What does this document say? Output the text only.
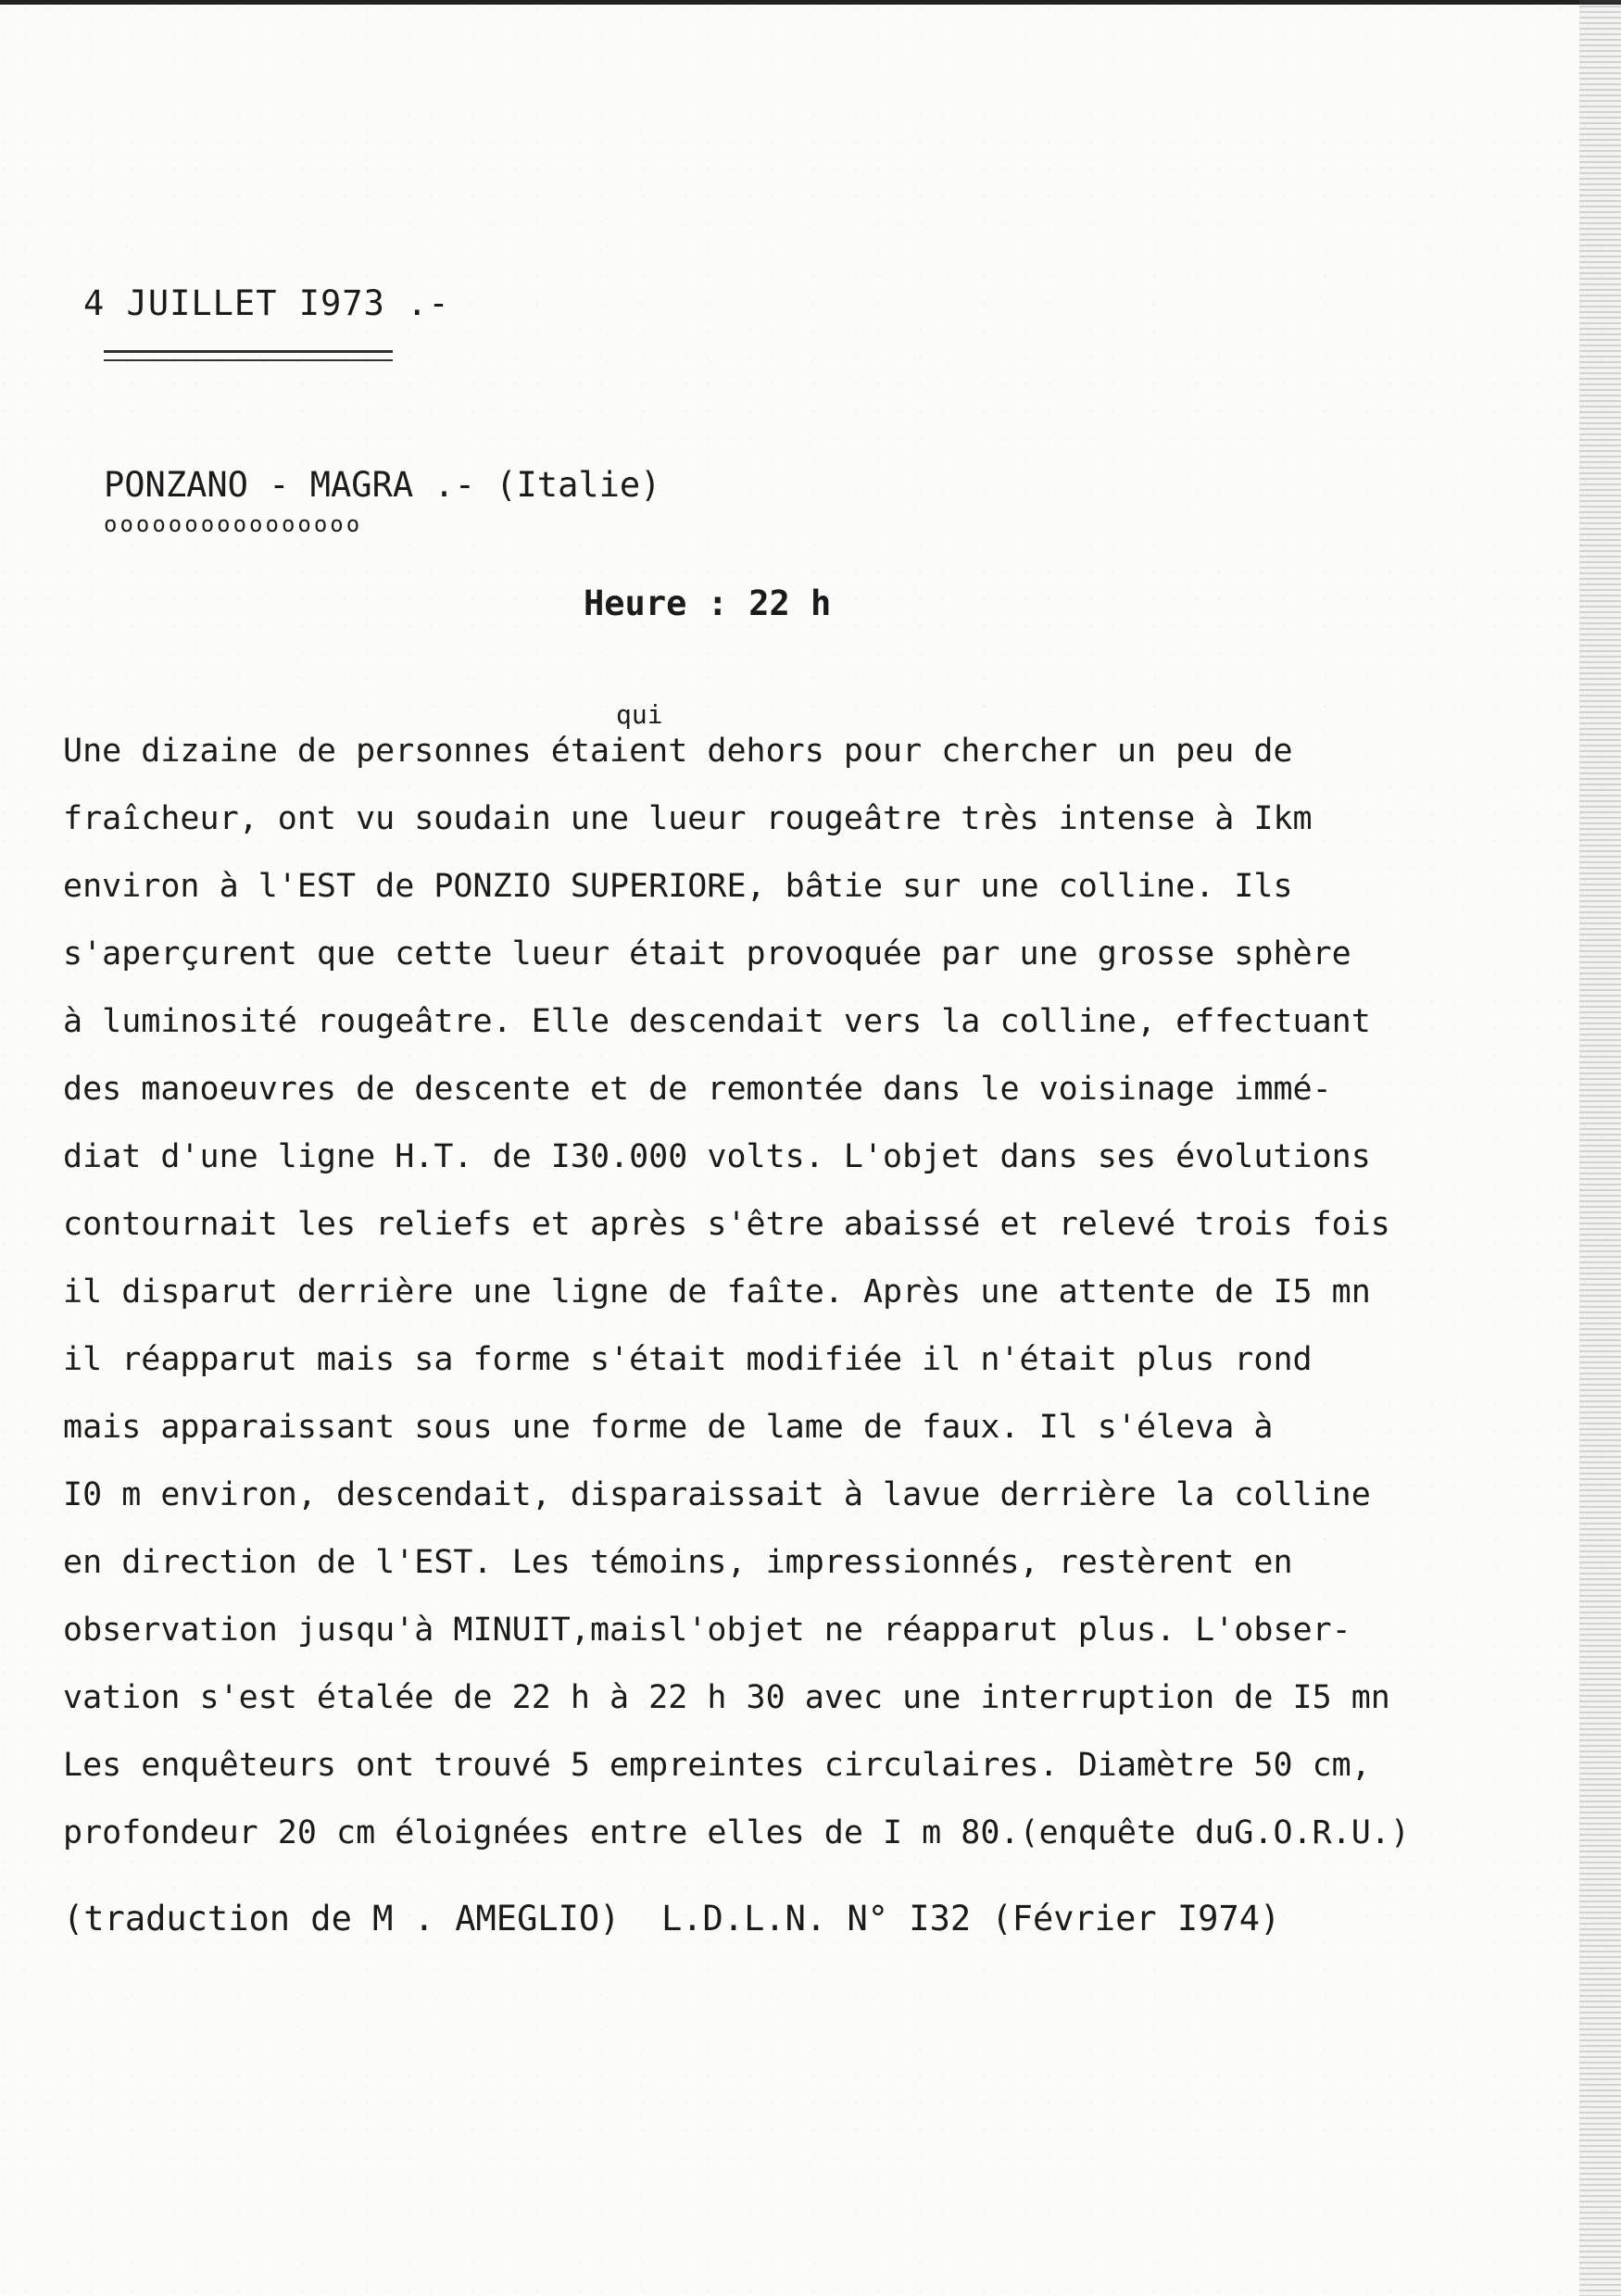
4 JUILLET I973 .-
PONZANO - MAGRA .- (Italie)
oooooooooooooooo
Heure : 22 h
qui
Une dizaine de personnes étaient dehors pour chercher un peu de
fraîcheur, ont vu soudain une lueur rougeâtre très intense à Ikm
environ à l'EST de PONZIO SUPERIORE, bâtie sur une colline. Ils
s'aperçurent que cette lueur était provoquée par une grosse sphère
à luminosité rougeâtre. Elle descendait vers la colline, effectuant
des manoeuvres de descente et de remontée dans le voisinage immé-
diat d'une ligne H.T. de I30.000 volts. L'objet dans ses évolutions
contournait les reliefs et après s'être abaissé et relevé trois fois
il disparut derrière une ligne de faîte. Après une attente de I5 mn
il réapparut mais sa forme s'était modifiée il n'était plus rond
mais apparaissant sous une forme de lame de faux. Il s'éleva à
I0 m environ, descendait, disparaissait à lavue derrière la colline
en direction de l'EST. Les témoins, impressionnés, restèrent en
observation jusqu'à MINUIT,maisl'objet ne réapparut plus. L'obser-
vation s'est étalée de 22 h à 22 h 30 avec une interruption de I5 mn
Les enquêteurs ont trouvé 5 empreintes circulaires. Diamètre 50 cm,
profondeur 20 cm éloignées entre elles de I m 80.(enquête duG.O.R.U.)
(traduction de M . AMEGLIO)  L.D.L.N. N° I32 (Février I974)
